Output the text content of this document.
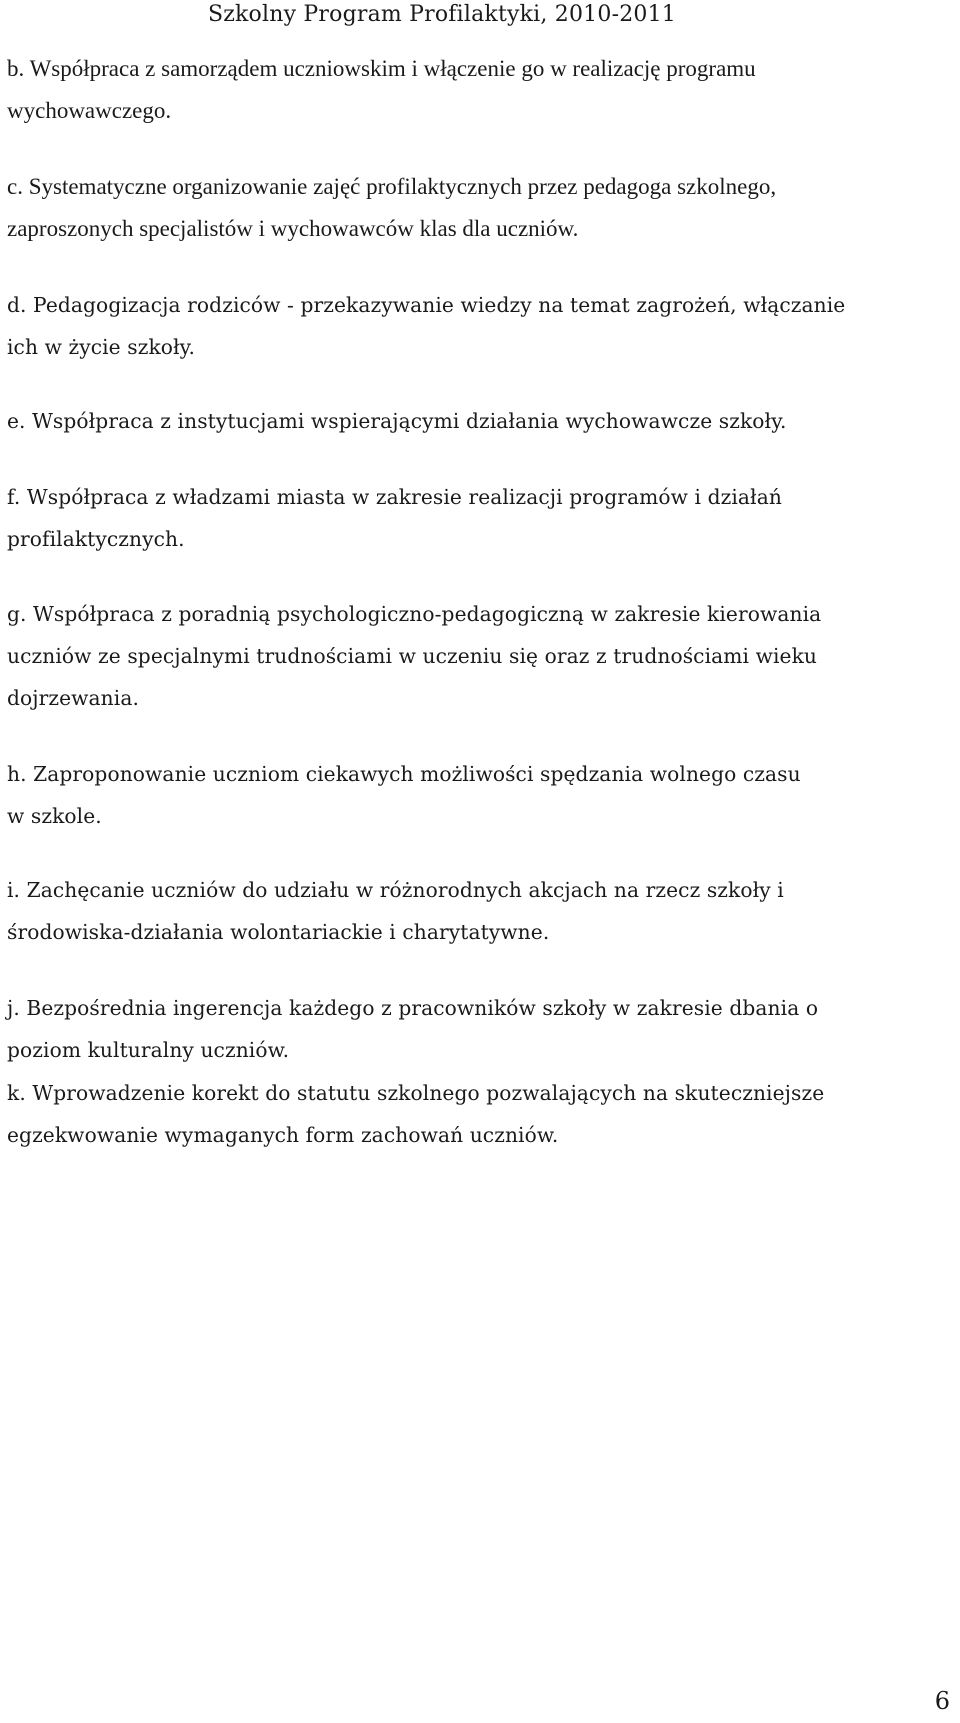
Szkolny Program Profilaktyki, 2010-2011
b. Współpraca z samorządem uczniowskim i włączenie go w realizację programu
wychowawczego.
c. Systematyczne organizowanie zajęć profilaktycznych przez pedagoga szkolnego,
zaproszonych specjalistów i wychowawców klas dla uczniów.
d. Pedagogizacja rodziców - przekazywanie wiedzy na temat zagrożeń, włączanie
ich w życie szkoły.
e. Współpraca z instytucjami wspierającymi działania wychowawcze szkoły.
f. Współpraca z władzami miasta w zakresie realizacji programów i działań
profilaktycznych.
g. Współpraca z poradnią psychologiczno-pedagogiczną w zakresie kierowania
uczniów ze specjalnymi trudnościami w uczeniu się oraz z trudnościami wieku
dojrzewania.
h. Zaproponowanie uczniom ciekawych możliwości spędzania wolnego czasu
w szkole.
i. Zachęcanie uczniów do udziału w różnorodnych akcjach na rzecz szkoły i
środowiska-działania wolontariackie i charytatywne.
j. Bezpośrednia ingerencja każdego z pracowników szkoły w zakresie dbania o
poziom kulturalny uczniów.
k. Wprowadzenie korekt do statutu szkolnego pozwalających na skuteczniejsze
egzekwowanie wymaganych form zachowań uczniów.
6
